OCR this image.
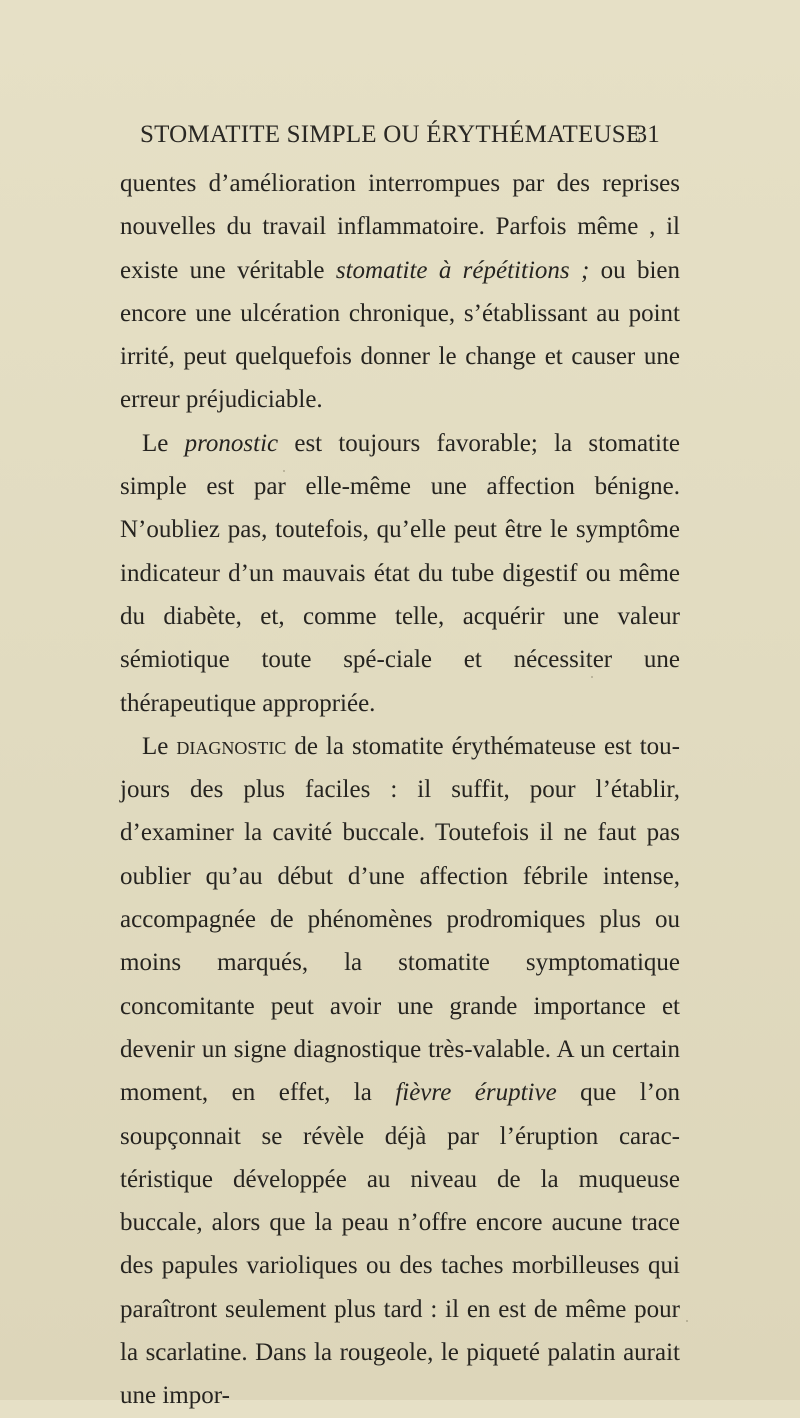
STOMATITE SIMPLE OU ÉRYTHÉMATEUSE
31

quentes d’amélioration interrompues par des reprises nouvelles du travail inflammatoire. Parfois même , il existe une véritable stomatite à répétitions ; ou bien encore une ulcération chronique, s’établissant au point irrité, peut quelquefois donner le change et causer une erreur préjudiciable.

Le pronostic est toujours favorable; la stomatite simple est par elle-même une affection bénigne. N’oubliez pas, toutefois, qu’elle peut être le symptôme indicateur d’un mauvais état du tube digestif ou même du diabète, et, comme telle, acquérir une valeur sémiotique toute spé-ciale et nécessiter une thérapeutique appropriée.

Le diagnostic de la stomatite érythémateuse est tou-jours des plus faciles : il suffit, pour l’établir, d’examiner la cavité buccale. Toutefois il ne faut pas oublier qu’au début d’une affection fébrile intense, accompagnée de phénomènes prodromiques plus ou moins marqués, la stomatite symptomatique concomitante peut avoir une grande importance et devenir un signe diagnostique très-valable. A un certain moment, en effet, la fièvre éruptive que l’on soupçonnait se révèle déjà par l’éruption carac-téristique développée au niveau de la muqueuse buccale, alors que la peau n’offre encore aucune trace des papules varioliques ou des taches morbilleuses qui paraîtront seulement plus tard : il en est de même pour la scarlatine. Dans la rougeole, le piqueté palatin aurait une impor-
